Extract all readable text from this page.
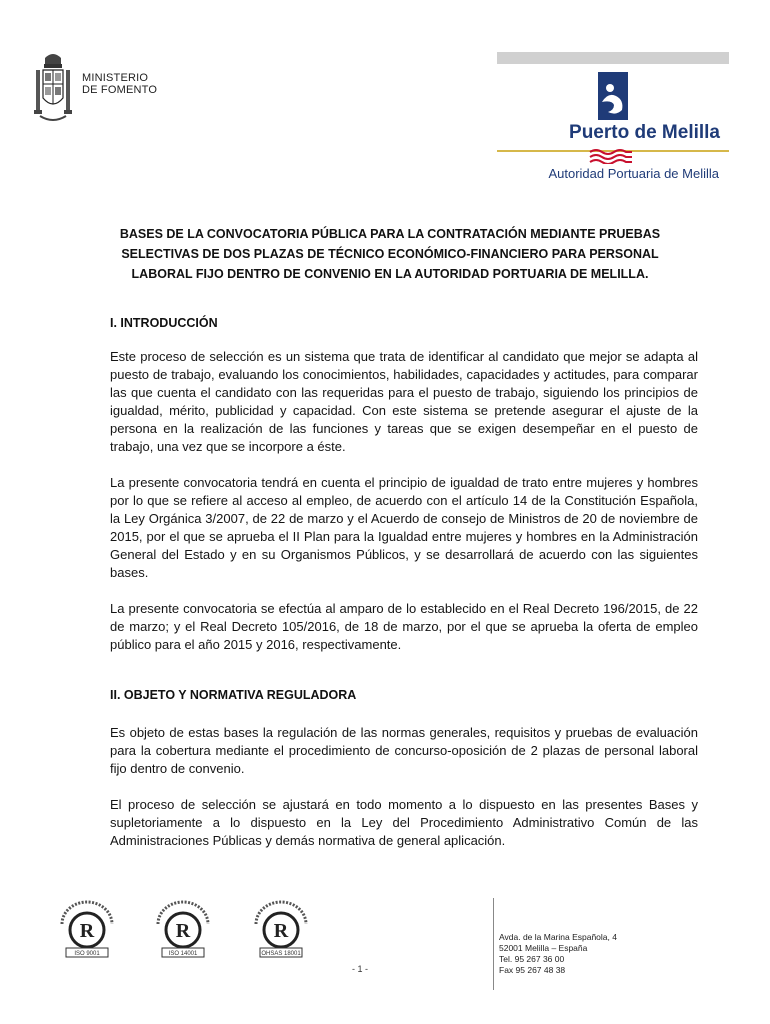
MINISTERIO
DE FOMENTO
Puerto de Melilla
Autoridad Portuaria de Melilla
BASES DE LA CONVOCATORIA PÚBLICA PARA LA CONTRATACIÓN MEDIANTE PRUEBAS
SELECTIVAS DE DOS PLAZAS DE TÉCNICO ECONÓMICO-FINANCIERO PARA PERSONAL
LABORAL FIJO DENTRO DE CONVENIO EN LA AUTORIDAD PORTUARIA DE MELILLA.
I. INTRODUCCIÓN
Este proceso de selección es un sistema que trata de identificar al candidato que mejor se adapta al puesto de trabajo, evaluando los conocimientos, habilidades, capacidades y actitudes, para comparar las que cuenta el candidato con las requeridas para el puesto de trabajo, siguiendo los principios de igualdad, mérito, publicidad y capacidad. Con este sistema se pretende asegurar el ajuste de la persona en la realización de las funciones y tareas que se exigen desempeñar en el puesto de trabajo, una vez que se incorpore a éste.
La presente convocatoria tendrá en cuenta el principio de igualdad de trato entre mujeres y hombres por lo que se refiere al acceso al empleo, de acuerdo con el artículo 14 de la Constitución Española, la Ley Orgánica 3/2007, de 22 de marzo y el Acuerdo de consejo de Ministros de 20 de noviembre de 2015, por el que se aprueba el II Plan para la Igualdad entre mujeres y hombres en la Administración General del Estado y en su Organismos Públicos, y se desarrollará de acuerdo con las siguientes bases.
La presente convocatoria se efectúa al amparo de lo establecido en el Real Decreto 196/2015, de 22 de marzo; y el Real Decreto 105/2016, de 18 de marzo, por el que se aprueba la oferta de empleo público para el año 2015 y 2016, respectivamente.
II. OBJETO Y NORMATIVA REGULADORA
Es objeto de estas bases la regulación de las normas generales, requisitos y pruebas de evaluación para la cobertura mediante el procedimiento de concurso-oposición de 2 plazas de personal laboral fijo dentro de convenio.
El proceso de selección se ajustará en todo momento a lo dispuesto en las presentes Bases y supletoriamente a lo dispuesto en la Ley del Procedimiento Administrativo Común de las Administraciones Públicas y demás normativa de general aplicación.
R
ISO 9001
R
ISO 14001
R
OHSAS 18001
- 1 -
Avda. de la Marina Española, 4
52001 Melilla – España
Tel. 95 267 36 00
Fax 95 267 48 38
